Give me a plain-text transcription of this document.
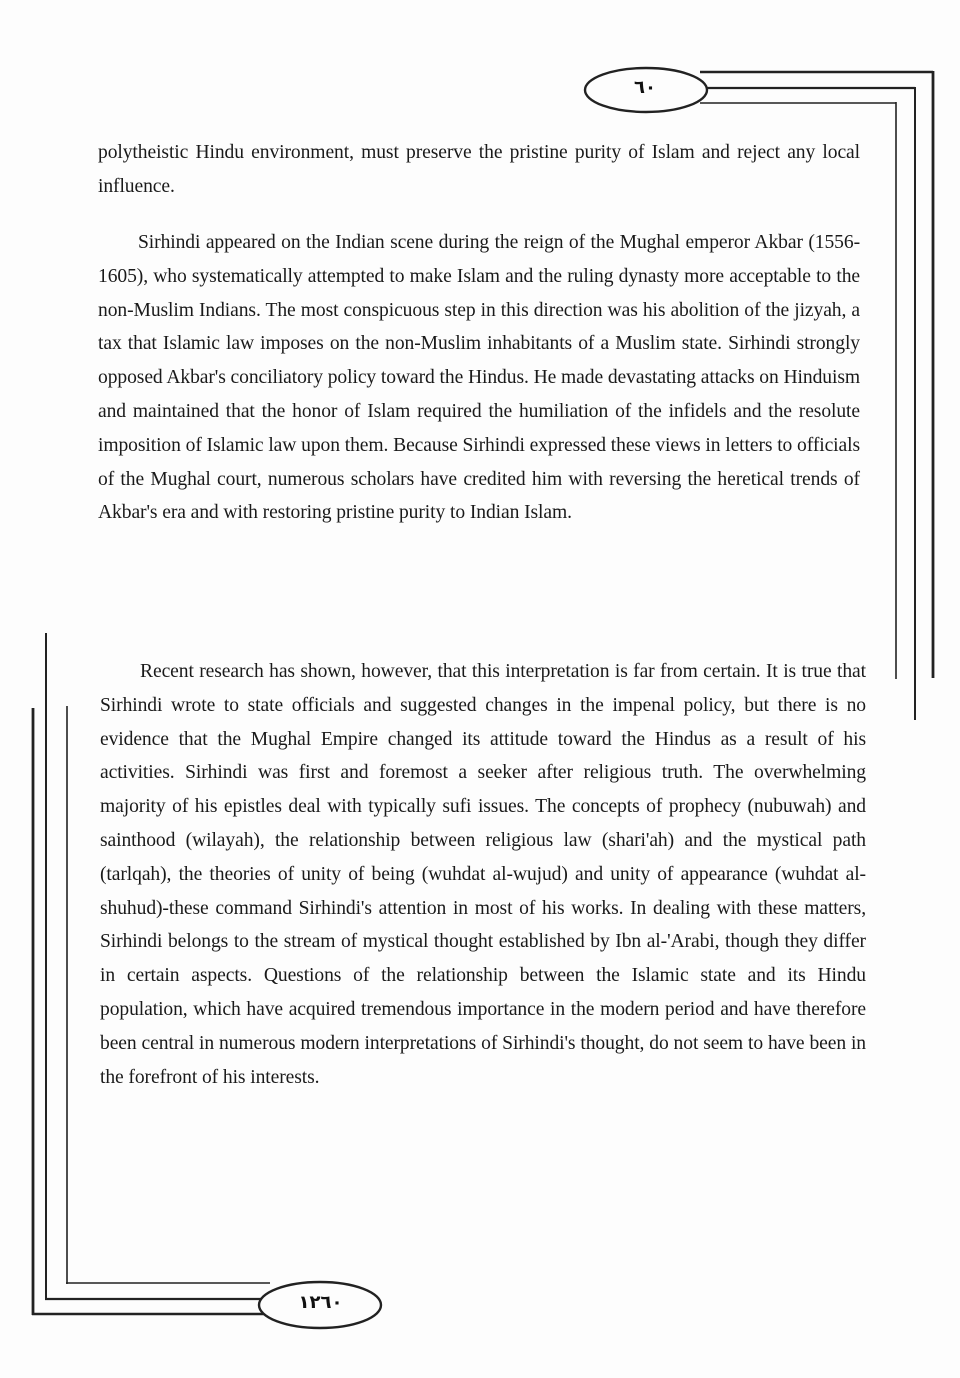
٦٠
١٢٦٠

polytheistic Hindu environment, must preserve the pristine purity of Islam and reject any local influence.

Sirhindi appeared on the Indian scene during the reign of the Mughal emperor Akbar (1556-1605), who systematically attempted to make Islam and the ruling dynasty more acceptable to the non-Muslim Indians. The most conspicuous step in this direction was his abolition of the jizyah, a tax that Islamic law imposes on the non-Muslim inhabitants of a Muslim state. Sirhindi strongly opposed Akbar's conciliatory policy toward the Hindus. He made devastating attacks on Hinduism and maintained that the honor of Islam required the humiliation of the infidels and the resolute imposition of Islamic law upon them. Because Sirhindi expressed these views in letters to officials of the Mughal court, numerous scholars have credited him with reversing the heretical trends of Akbar's era and with restoring pristine purity to Indian Islam.

Recent research has shown, however, that this interpretation is far from certain. It is true that Sirhindi wrote to state officials and suggested changes in the impenal policy, but there is no evidence that the Mughal Empire changed its attitude toward the Hindus as a result of his activities. Sirhindi was first and foremost a seeker after religious truth. The overwhelming majority of his epistles deal with typically sufi issues. The concepts of prophecy (nubuwah) and sainthood (wilayah), the relationship between religious law (shari'ah) and the mystical path (tarlqah), the theories of unity of being (wuhdat al-wujud) and unity of appearance (wuhdat al-shuhud)-these command Sirhindi's attention in most of his works. In dealing with these matters, Sirhindi belongs to the stream of mystical thought established by Ibn al-'Arabi, though they differ in certain aspects. Questions of the relationship between the Islamic state and its Hindu population, which have acquired tremendous importance in the modern period and have therefore been central in numerous modern interpretations of Sirhindi's thought, do not seem to have been in the forefront of his interests.
